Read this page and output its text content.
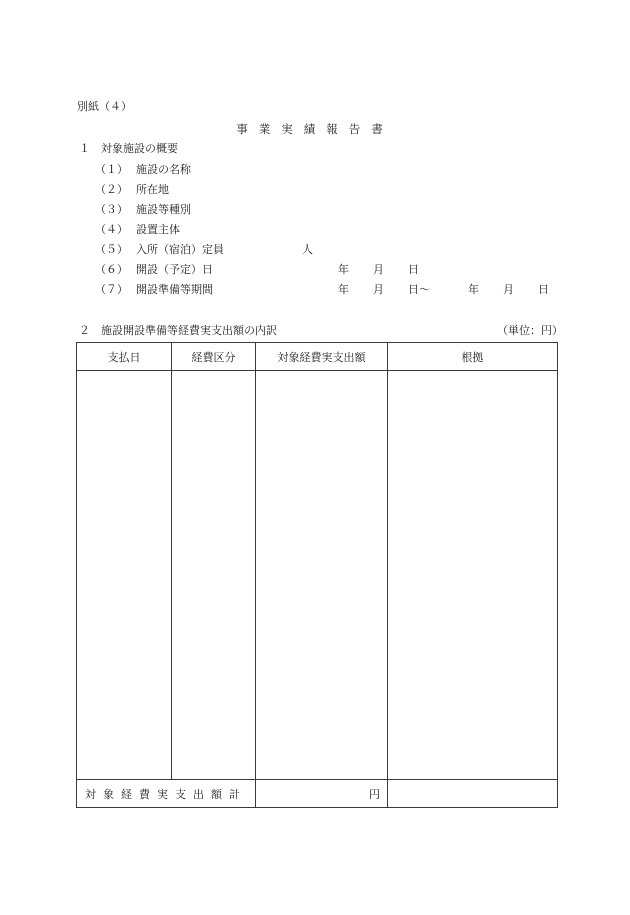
別紙（４）
事業実績報告書
１　対象施設の概要
（１） 施設の名称
（２） 所在地
（３） 施設等種別
（４） 設置主体
（５） 入所（宿泊）定員	人
（６） 開設（予定）日	年 月 日
（７） 開設準備等期間	年 月 日〜	年 月 日
２　施設開設準備等経費実支出額の内訳	（単位：円）
支払日	経費区分	対象経費実支出額	根拠

対象経費実支出額計		円	
